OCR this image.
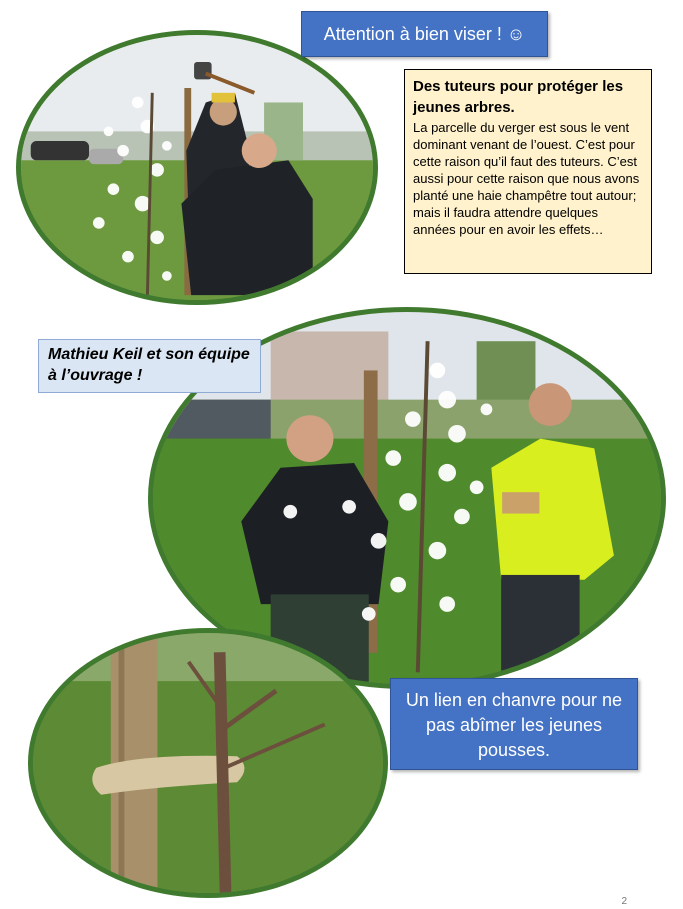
Attention à bien viser ! ☺
Des tuteurs pour protéger les jeunes arbres.
La parcelle du verger est sous le vent dominant venant de l’ouest. C’est pour cette raison qu’il faut des tuteurs. C’est aussi pour cette raison que nous avons planté une haie champêtre tout autour; mais il faudra attendre quelques années pour en avoir les effets…
Mathieu Keil et son équipe à l’ouvrage !
Un lien en chanvre pour ne pas abîmer les jeunes pousses.
2
